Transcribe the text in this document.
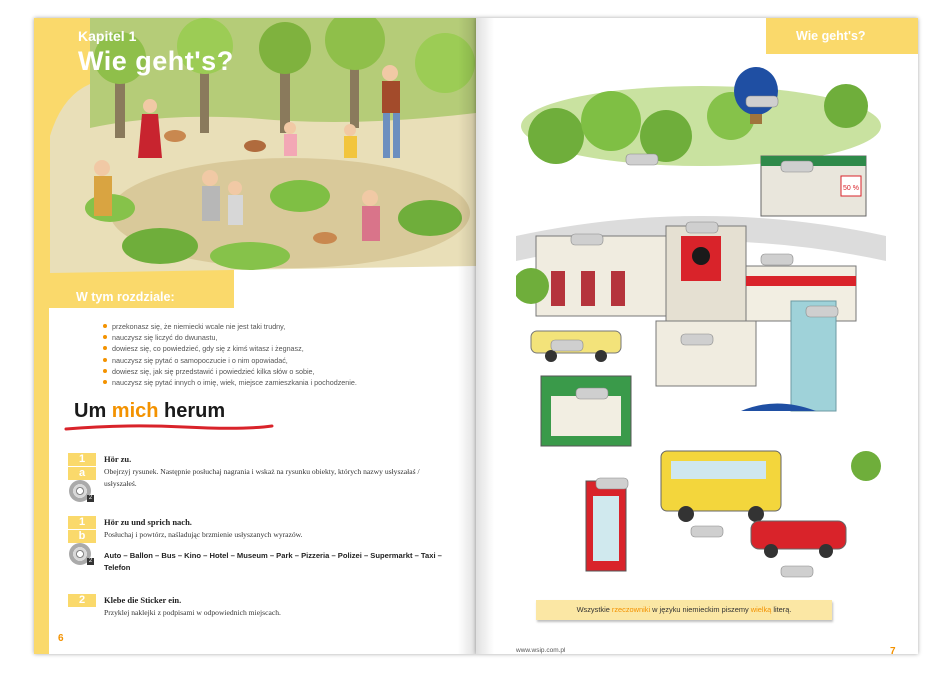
Kapitel 1
Wie geht's?
W tym rozdziale:
przekonasz się, że niemiecki wcale nie jest taki trudny,
nauczysz się liczyć do dwunastu,
dowiesz się, co powiedzieć, gdy się z kimś witasz i żegnasz,
nauczysz się pytać o samopoczucie i o nim opowiadać,
dowiesz się, jak się przedstawić i powiedzieć kilka słów o sobie,
nauczysz się pytać innych o imię, wiek, miejsce zamieszkania i pochodzenie.
Um mich herum
1
a
2
Hör zu.
Obejrzyj rysunek. Następnie posłuchaj nagrania i wskaż na rysunku obiekty, których nazwy usłyszałaś / usłyszałeś.
1
b
2
Hör zu und sprich nach.
Posłuchaj i powtórz, naśladując brzmienie usłyszanych wyrazów.
Auto – Ballon – Bus – Kino – Hotel – Museum – Park – Pizzeria – Polizei – Supermarkt – Taxi – Telefon
2	Klebe die Sticker ein.
Przyklej naklejki z podpisami w odpowiednich miejscach.
6
Wie geht's?
50 %
Wszystkie rzeczowniki w języku niemieckim piszemy wielką literą.
www.wsip.com.pl	7
